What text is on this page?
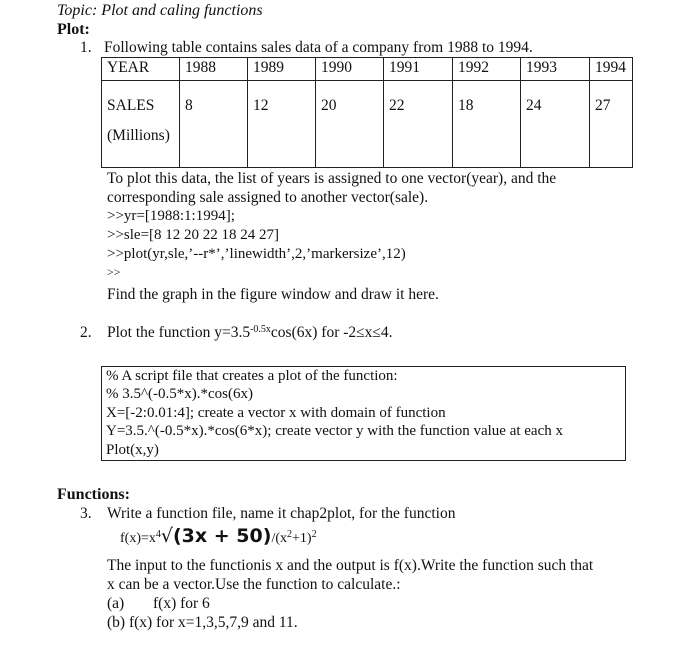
Topic: Plot and caling functions
Plot:
1. Following table contains sales data of a company from 1988 to 1994.
YEAR	1988	1989	1990	1991	1992	1993	1994

SALES
(Millions)	8	12	20	22	18	24	27
To plot this data, the list of years is assigned to one vector(year), and the
corresponding sale assigned to another vector(sale).
>>yr=[1988:1:1994];
>>sle=[8 12 20 22 18 24 27]
>>plot(yr,sle,’--r*’,’linewidth’,2,’markersize’,12)
>>
Find the graph in the figure window and draw it here.
2. Plot the function $y=3.5^{-0.5x}\cos(6x)$ for -2≤x≤4.
% A script file that creates a plot of the function:
% 3.5^(-0.5*x).*cos(6x)
X=[-2:0.01:4]; create a vector x with domain of function
Y=3.5.^(-0.5*x).*cos(6*x); create vector y with the function value at each x
Plot(x,y)
Functions:
3. Write a function file, name it chap2plot, for the function
$f(x)=x^4√(3x + 50)/(x^2+1)^2$
The input to the functionis x and the output is f(x).Write the function such that
x can be a vector.Use the function to calculate.:
(a) f(x) for 6
(b) f(x) for x=1,3,5,7,9 and 11.
